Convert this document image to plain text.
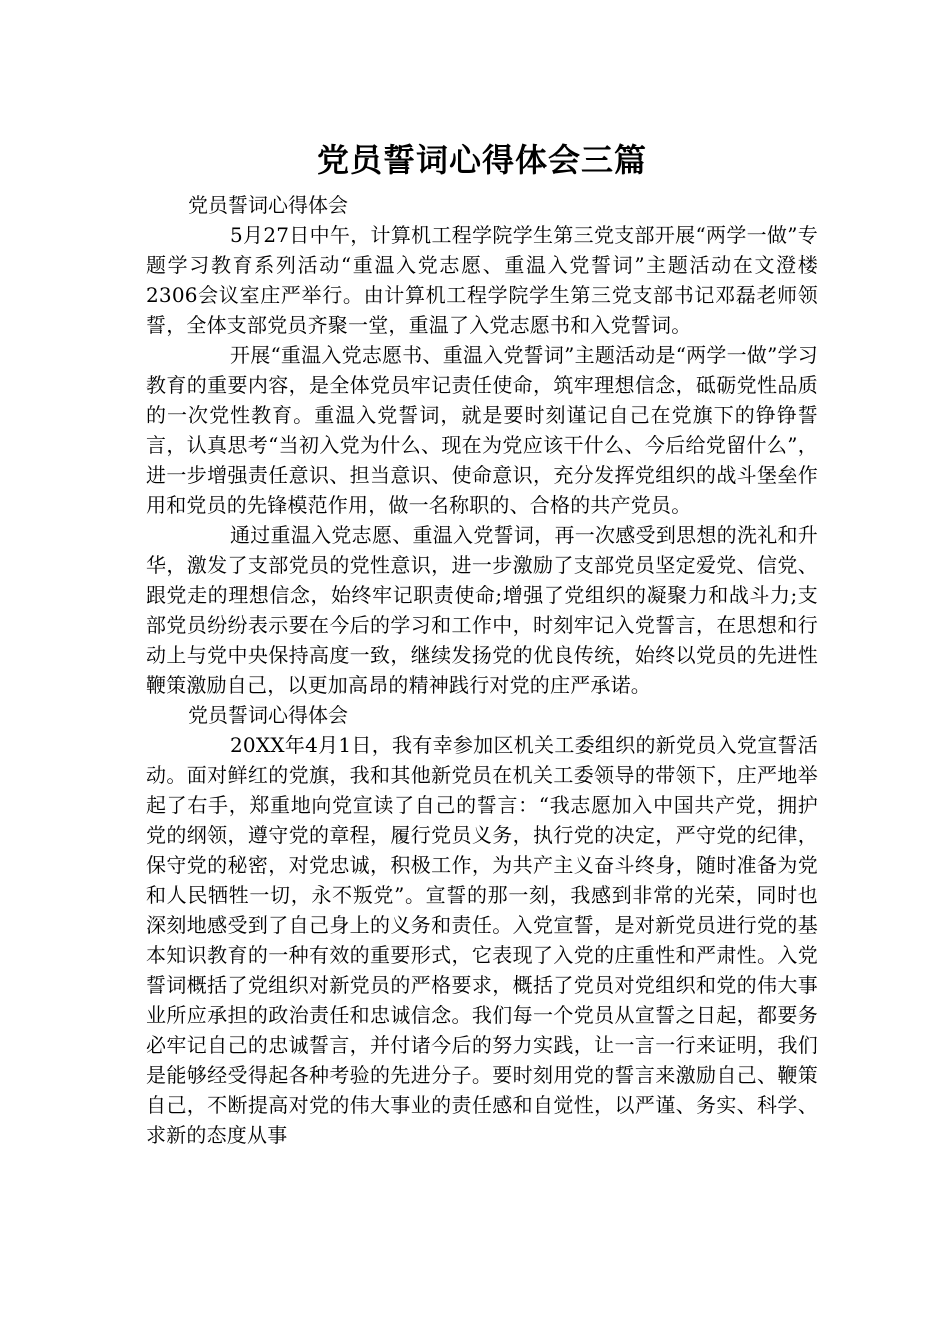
党员誓词心得体会三篇

党员誓词心得体会

5月27日中午，计算机工程学院学生第三党支部开展“两学一做”专题学习教育系列活动“重温入党志愿、重温入党誓词”主题活动在文澄楼2306会议室庄严举行。由计算机工程学院学生第三党支部书记邓磊老师领誓，全体支部党员齐聚一堂，重温了入党志愿书和入党誓词。

开展“重温入党志愿书、重温入党誓词”主题活动是“两学一做”学习教育的重要内容，是全体党员牢记责任使命，筑牢理想信念，砥砺党性品质的一次党性教育。重温入党誓词，就是要时刻谨记自己在党旗下的铮铮誓言，认真思考“当初入党为什么、现在为党应该干什么、今后给党留什么”，进一步增强责任意识、担当意识、使命意识，充分发挥党组织的战斗堡垒作用和党员的先锋模范作用，做一名称职的、合格的共产党员。

通过重温入党志愿、重温入党誓词，再一次感受到思想的洗礼和升华，激发了支部党员的党性意识，进一步激励了支部党员坚定爱党、信党、跟党走的理想信念，始终牢记职责使命;增强了党组织的凝聚力和战斗力;支部党员纷纷表示要在今后的学习和工作中，时刻牢记入党誓言，在思想和行动上与党中央保持高度一致，继续发扬党的优良传统，始终以党员的先进性鞭策激励自己，以更加高昂的精神践行对党的庄严承诺。

党员誓词心得体会

20XX年4月1日，我有幸参加区机关工委组织的新党员入党宣誓活动。面对鲜红的党旗，我和其他新党员在机关工委领导的带领下，庄严地举起了右手，郑重地向党宣读了自己的誓言：“我志愿加入中国共产党，拥护党的纲领，遵守党的章程，履行党员义务，执行党的决定，严守党的纪律，保守党的秘密，对党忠诚，积极工作，为共产主义奋斗终身，随时准备为党和人民牺牲一切，永不叛党”。宣誓的那一刻，我感到非常的光荣，同时也深刻地感受到了自己身上的义务和责任。入党宣誓，是对新党员进行党的基本知识教育的一种有效的重要形式，它表现了入党的庄重性和严肃性。入党誓词概括了党组织对新党员的严格要求，概括了党员对党组织和党的伟大事业所应承担的政治责任和忠诚信念。我们每一个党员从宣誓之日起，都要务必牢记自己的忠诚誓言，并付诸今后的努力实践，让一言一行来证明，我们是能够经受得起各种考验的先进分子。要时刻用党的誓言来激励自己、鞭策自己，不断提高对党的伟大事业的责任感和自觉性，以严谨、务实、科学、求新的态度从事
